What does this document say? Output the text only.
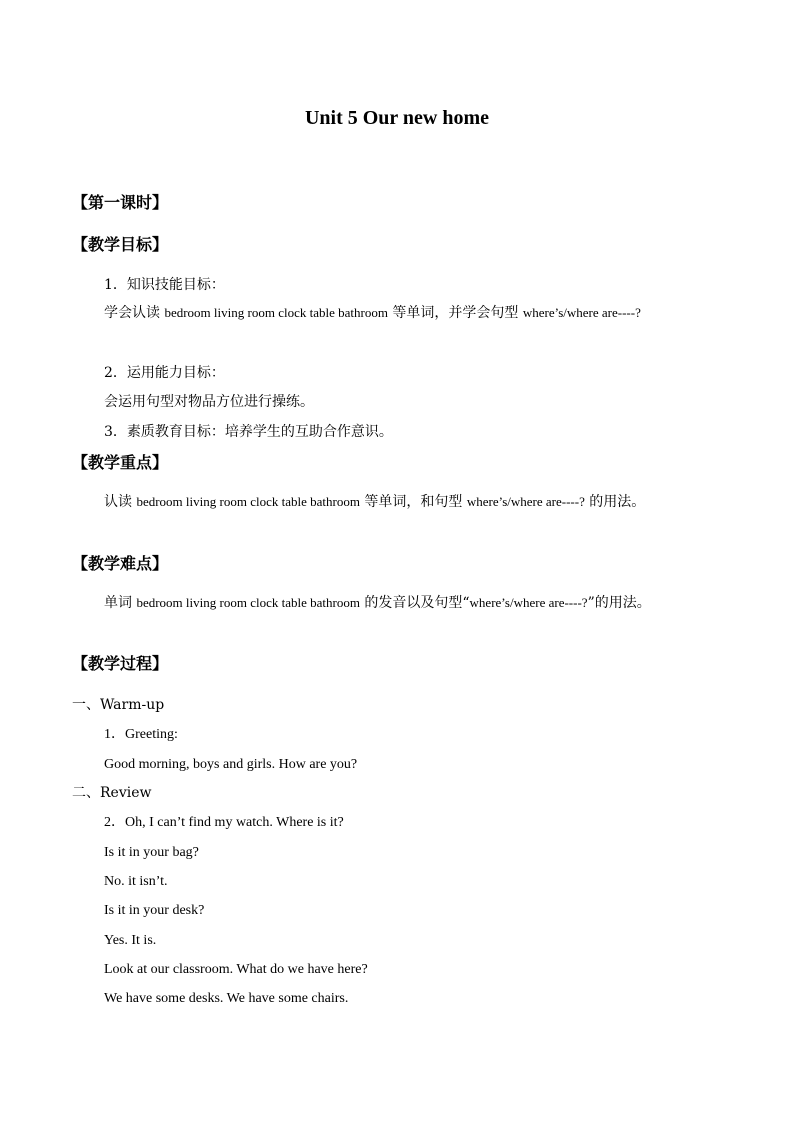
Unit 5 Our new home
【第一课时】
【教学目标】
1．知识技能目标：
学会认读 bedroom living room clock table bathroom 等单词，并学会句型 where’s/where are----?
2．运用能力目标：
会运用句型对物品方位进行操练。
3．素质教育目标：培养学生的互助合作意识。
【教学重点】
认读 bedroom living room clock table bathroom 等单词，和句型 where’s/where are----? 的用法。
【教学难点】
单词 bedroom living room clock table bathroom 的发音以及句型“where’s/where are----?”的用法。
【教学过程】
一、Warm-up
1．Greeting:
Good morning, boys and girls. How are you?
二、Review
2．Oh, I can’t find my watch. Where is it?
Is it in your bag?
No. it isn’t.
Is it in your desk?
Yes. It is.
Look at our classroom. What do we have here?
We have some desks. We have some chairs.
